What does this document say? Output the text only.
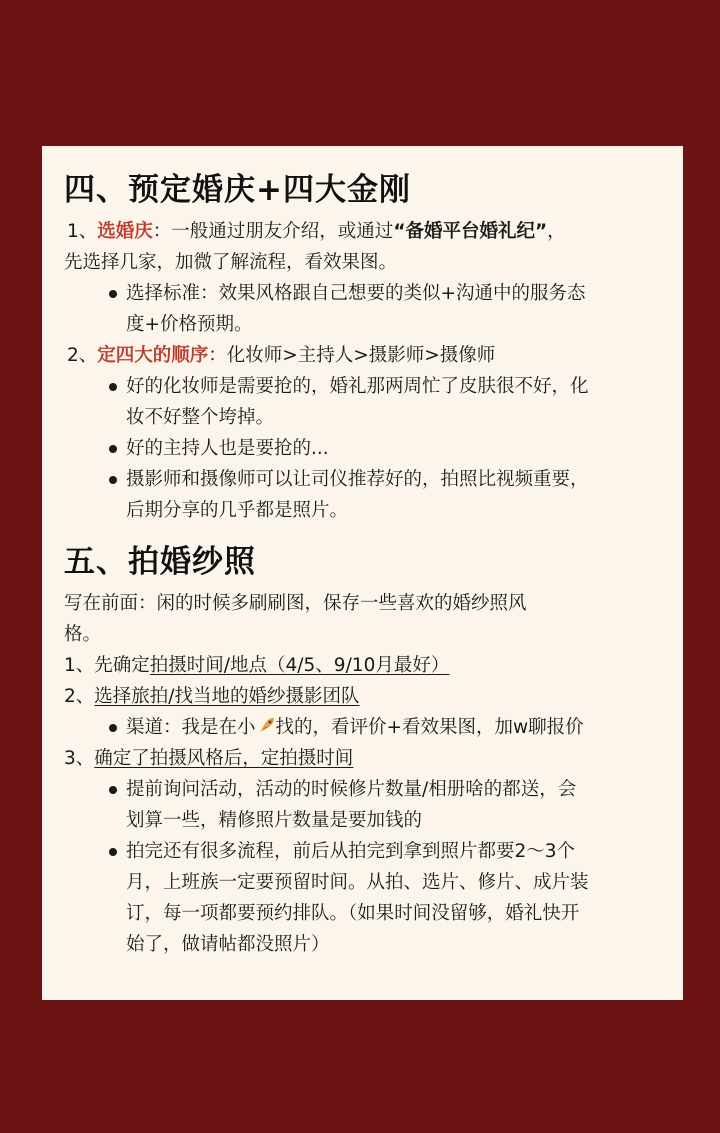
四、预定婚庆+四大金刚

1、选婚庆：一般通过朋友介绍，或通过“备婚平台婚礼纪”，

先选择几家，加微了解流程，看效果图。

选择标准：效果风格跟自己想要的类似+沟通中的服务态
度+价格预期。

2、定四大的顺序：化妆师>主持人>摄影师>摄像师

好的化妆师是需要抢的，婚礼那两周忙了皮肤很不好，化
妆不好整个垮掉。
好的主持人也是要抢的...
摄影师和摄像师可以让司仪推荐好的，拍照比视频重要，
后期分享的几乎都是照片。
五、拍婚纱照

写在前面：闲的时候多刷刷图，保存一些喜欢的婚纱照风

格。

1、先确定拍摄时间/地点（4/5、9/10月最好）

2、选择旅拍/找当地的婚纱摄影团队

渠道：我是在小 找的，看评价+看效果图，加w聊报价

3、确定了拍摄风格后，定拍摄时间

提前询问活动，活动的时候修片数量/相册啥的都送，会
划算一些，精修照片数量是要加钱的
拍完还有很多流程，前后从拍完到拿到照片都要2～3个
月，上班族一定要预留时间。从拍、选片、修片、成片装
订，每一项都要预约排队。（如果时间没留够，婚礼快开
始了，做请帖都没照片）
